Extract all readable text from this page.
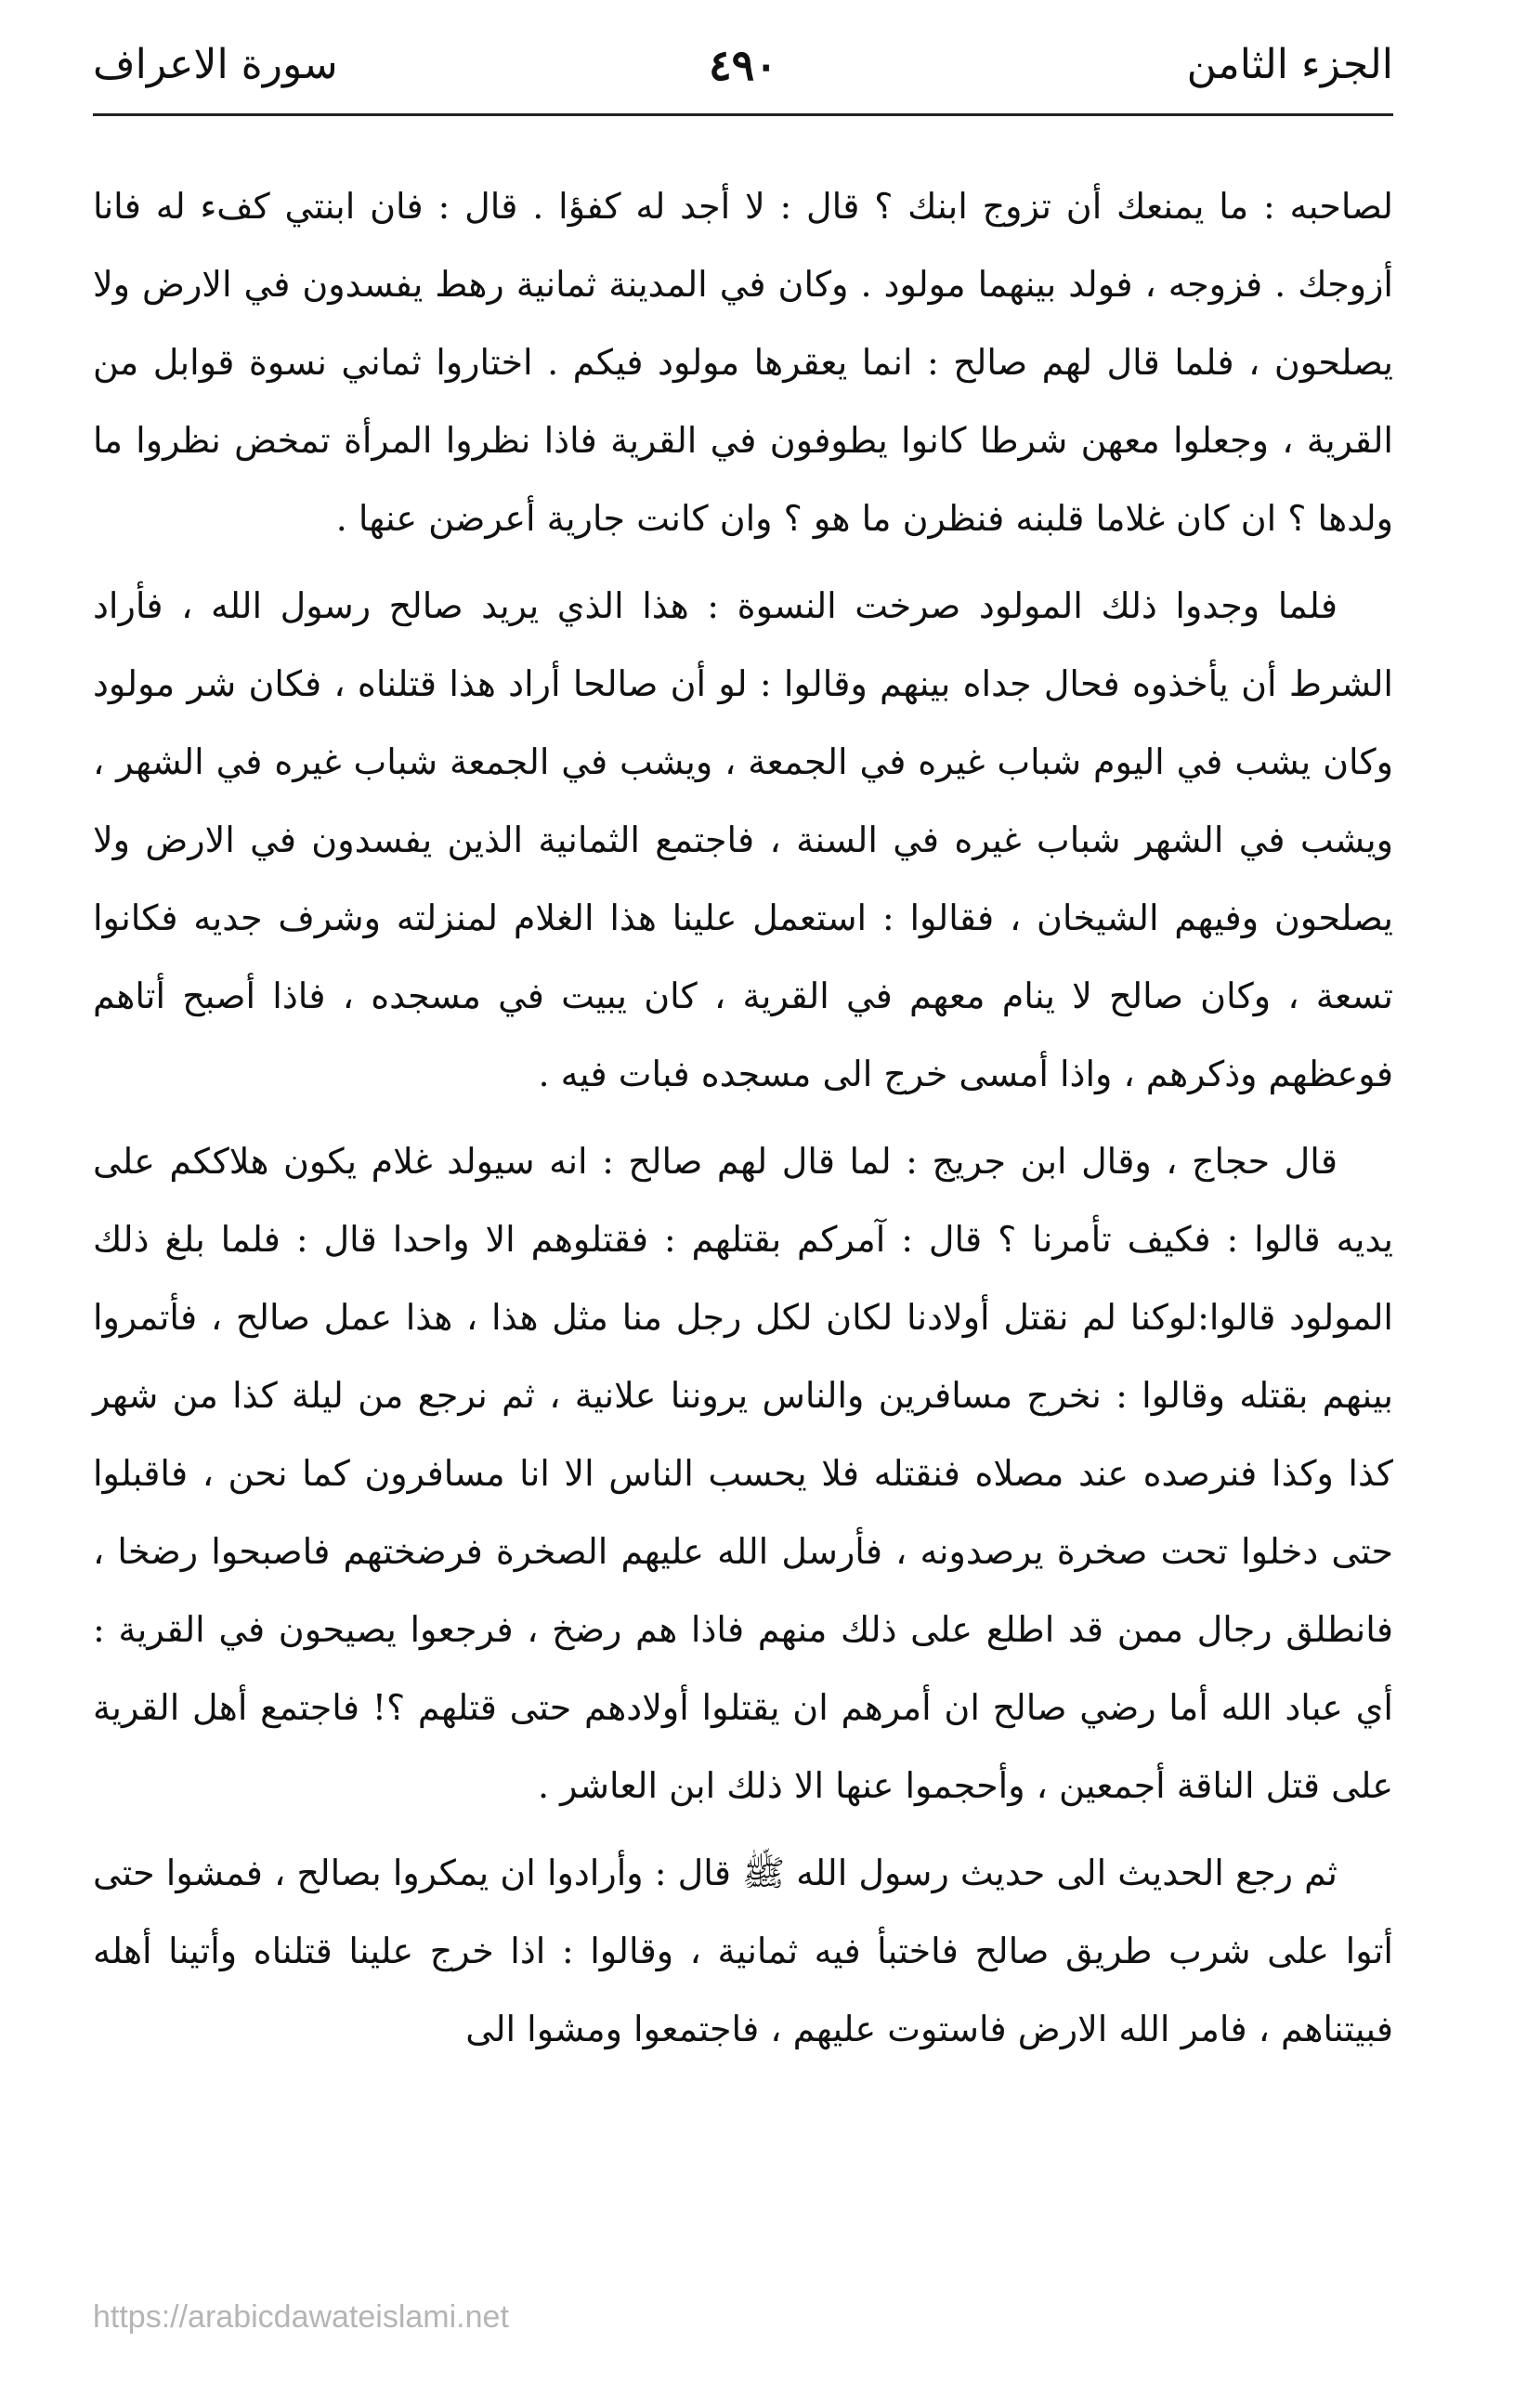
الجزء الثامن
٤٩٠
سورة الاعراف

لصاحبه : ما يمنعك أن تزوج ابنك ؟ قال : لا أجد له كفؤا . قال : فان ابنتي كفء له فانا أزوجك . فزوجه ، فولد بينهما مولود . وكان في المدينة ثمانية رهط يفسدون في الارض ولا يصلحون ، فلما قال لهم صالح : انما يعقرها مولود فيكم . اختاروا ثماني نسوة قوابل من القرية ، وجعلوا معهن شرطا كانوا يطوفون في القرية فاذا نظروا المرأة تمخض نظروا ما ولدها ؟ ان كان غلاما قلبنه فنظرن ما هو ؟ وان كانت جارية أعرضن عنها .

فلما وجدوا ذلك المولود صرخت النسوة : هذا الذي يريد صالح رسول الله ، فأراد الشرط أن يأخذوه فحال جداه بينهم وقالوا : لو أن صالحا أراد هذا قتلناه ، فكان شر مولود وكان يشب في اليوم شباب غيره في الجمعة ، ويشب في الجمعة شباب غيره في الشهر ، ويشب في الشهر شباب غيره في السنة ، فاجتمع الثمانية الذين يفسدون في الارض ولا يصلحون وفيهم الشيخان ، فقالوا : استعمل علينا هذا الغلام لمنزلته وشرف جديه فكانوا تسعة ، وكان صالح لا ينام معهم في القرية ، كان يبيت في مسجده ، فاذا أصبح أتاهم فوعظهم وذكرهم ، واذا أمسى خرج الى مسجده فبات فيه .

قال حجاج ، وقال ابن جريج : لما قال لهم صالح : انه سيولد غلام يكون هلاككم على يديه قالوا : فكيف تأمرنا ؟ قال : آمركم بقتلهم : فقتلوهم الا واحدا قال : فلما بلغ ذلك المولود قالوا:لوكنا لم نقتل أولادنا لكان لكل رجل منا مثل هذا ، هذا عمل صالح ، فأتمروا بينهم بقتله وقالوا : نخرج مسافرين والناس يروننا علانية ، ثم نرجع من ليلة كذا من شهر كذا وكذا فنرصده عند مصلاه فنقتله فلا يحسب الناس الا انا مسافرون كما نحن ، فاقبلوا حتى دخلوا تحت صخرة يرصدونه ، فأرسل الله عليهم الصخرة فرضختهم فاصبحوا رضخا ، فانطلق رجال ممن قد اطلع على ذلك منهم فاذا هم رضخ ، فرجعوا يصيحون في القرية : أي عباد الله أما رضي صالح ان أمرهم ان يقتلوا أولادهم حتى قتلهم ؟! فاجتمع أهل القرية على قتل الناقة أجمعين ، وأحجموا عنها الا ذلك ابن العاشر .

ثم رجع الحديث الى حديث رسول الله ﷺ قال : وأرادوا ان يمكروا بصالح ، فمشوا حتى أتوا على شرب طريق صالح فاختبأ فيه ثمانية ، وقالوا : اذا خرج علينا قتلناه وأتينا أهله فبيتناهم ، فامر الله الارض فاستوت عليهم ، فاجتمعوا ومشوا الى

https://arabicdawateislami.net
